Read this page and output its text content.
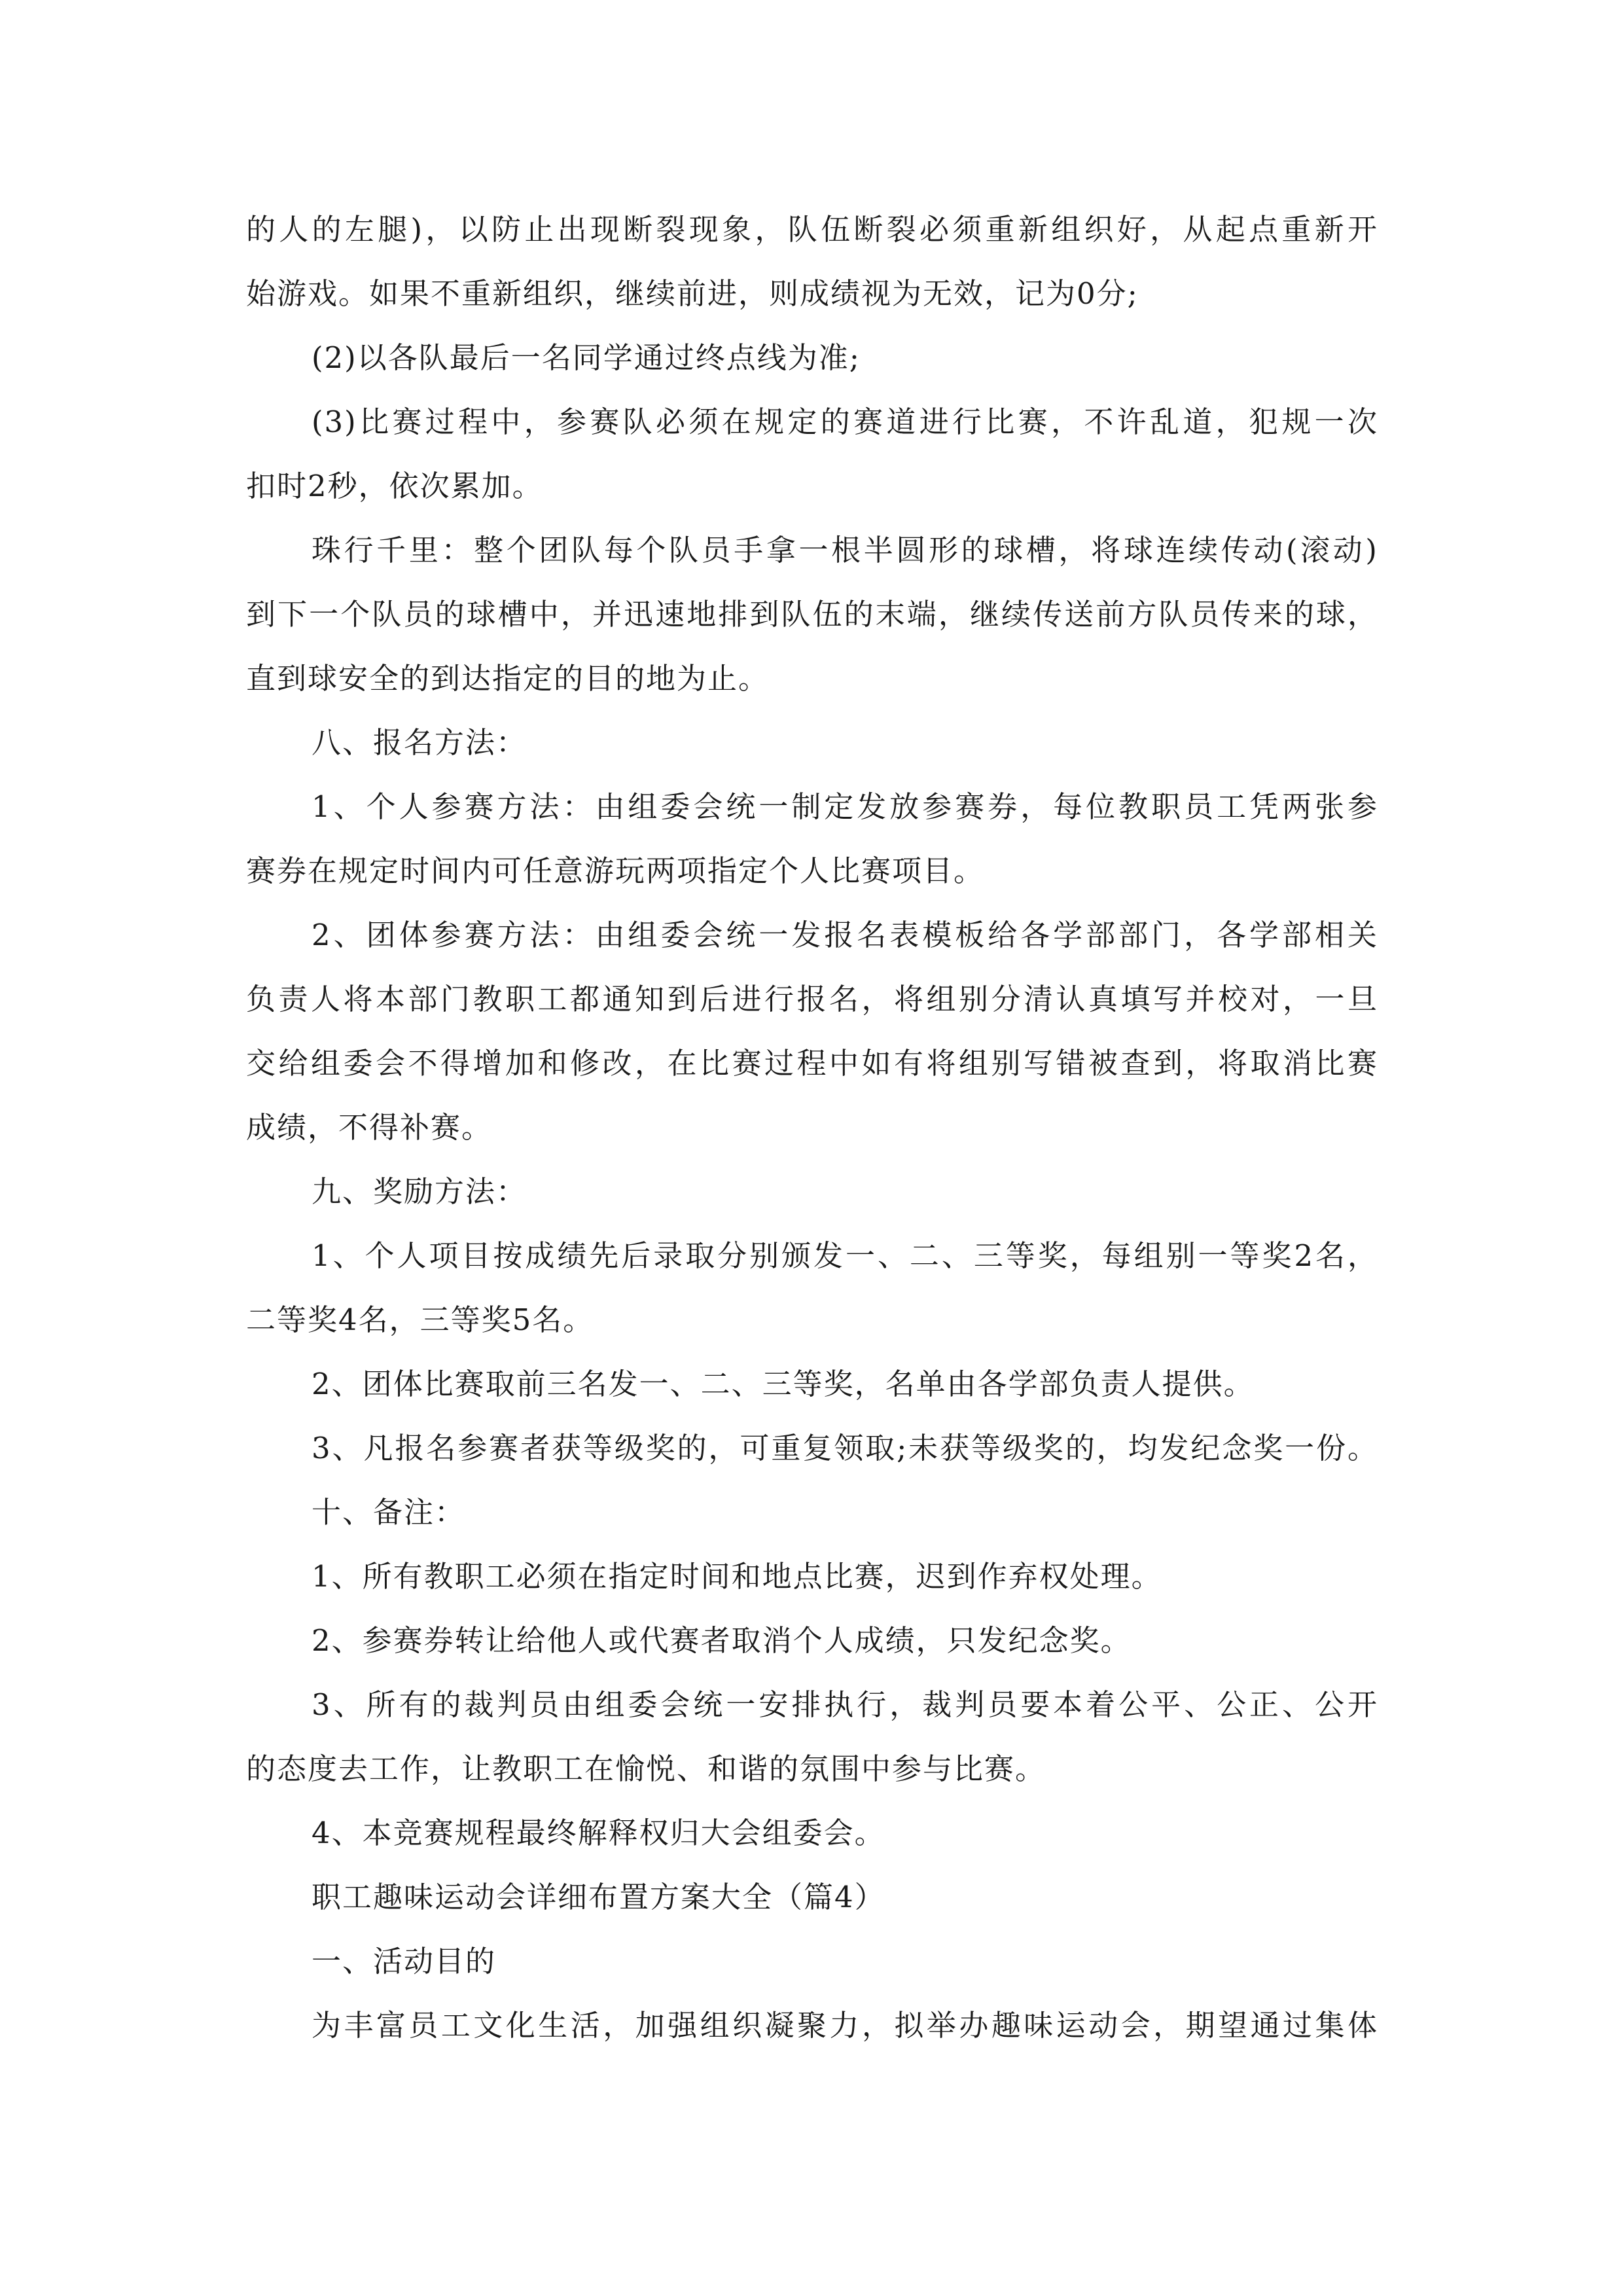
的人的左腿)，以防止出现断裂现象，队伍断裂必须重新组织好，从起点重新开
始游戏。如果不重新组织，继续前进，则成绩视为无效，记为0分;
(2)以各队最后一名同学通过终点线为准;
(3)比赛过程中，参赛队必须在规定的赛道进行比赛，不许乱道，犯规一次
扣时2秒，依次累加。
珠行千里：整个团队每个队员手拿一根半圆形的球槽，将球连续传动(滚动)
到下一个队员的球槽中，并迅速地排到队伍的末端，继续传送前方队员传来的球，
直到球安全的到达指定的目的地为止。
八、报名方法：
1、个人参赛方法：由组委会统一制定发放参赛券，每位教职员工凭两张参
赛券在规定时间内可任意游玩两项指定个人比赛项目。
2、团体参赛方法：由组委会统一发报名表模板给各学部部门，各学部相关
负责人将本部门教职工都通知到后进行报名，将组别分清认真填写并校对，一旦
交给组委会不得增加和修改，在比赛过程中如有将组别写错被查到，将取消比赛
成绩，不得补赛。
九、奖励方法：
1、个人项目按成绩先后录取分别颁发一、二、三等奖，每组别一等奖2名，
二等奖4名，三等奖5名。
2、团体比赛取前三名发一、二、三等奖，名单由各学部负责人提供。
3、凡报名参赛者获等级奖的，可重复领取;未获等级奖的，均发纪念奖一份。
十、备注：
1、所有教职工必须在指定时间和地点比赛，迟到作弃权处理。
2、参赛券转让给他人或代赛者取消个人成绩，只发纪念奖。
3、所有的裁判员由组委会统一安排执行，裁判员要本着公平、公正、公开
的态度去工作，让教职工在愉悦、和谐的氛围中参与比赛。
4、本竞赛规程最终解释权归大会组委会。
职工趣味运动会详细布置方案大全（篇4）
一、活动目的
为丰富员工文化生活，加强组织凝聚力，拟举办趣味运动会，期望通过集体
